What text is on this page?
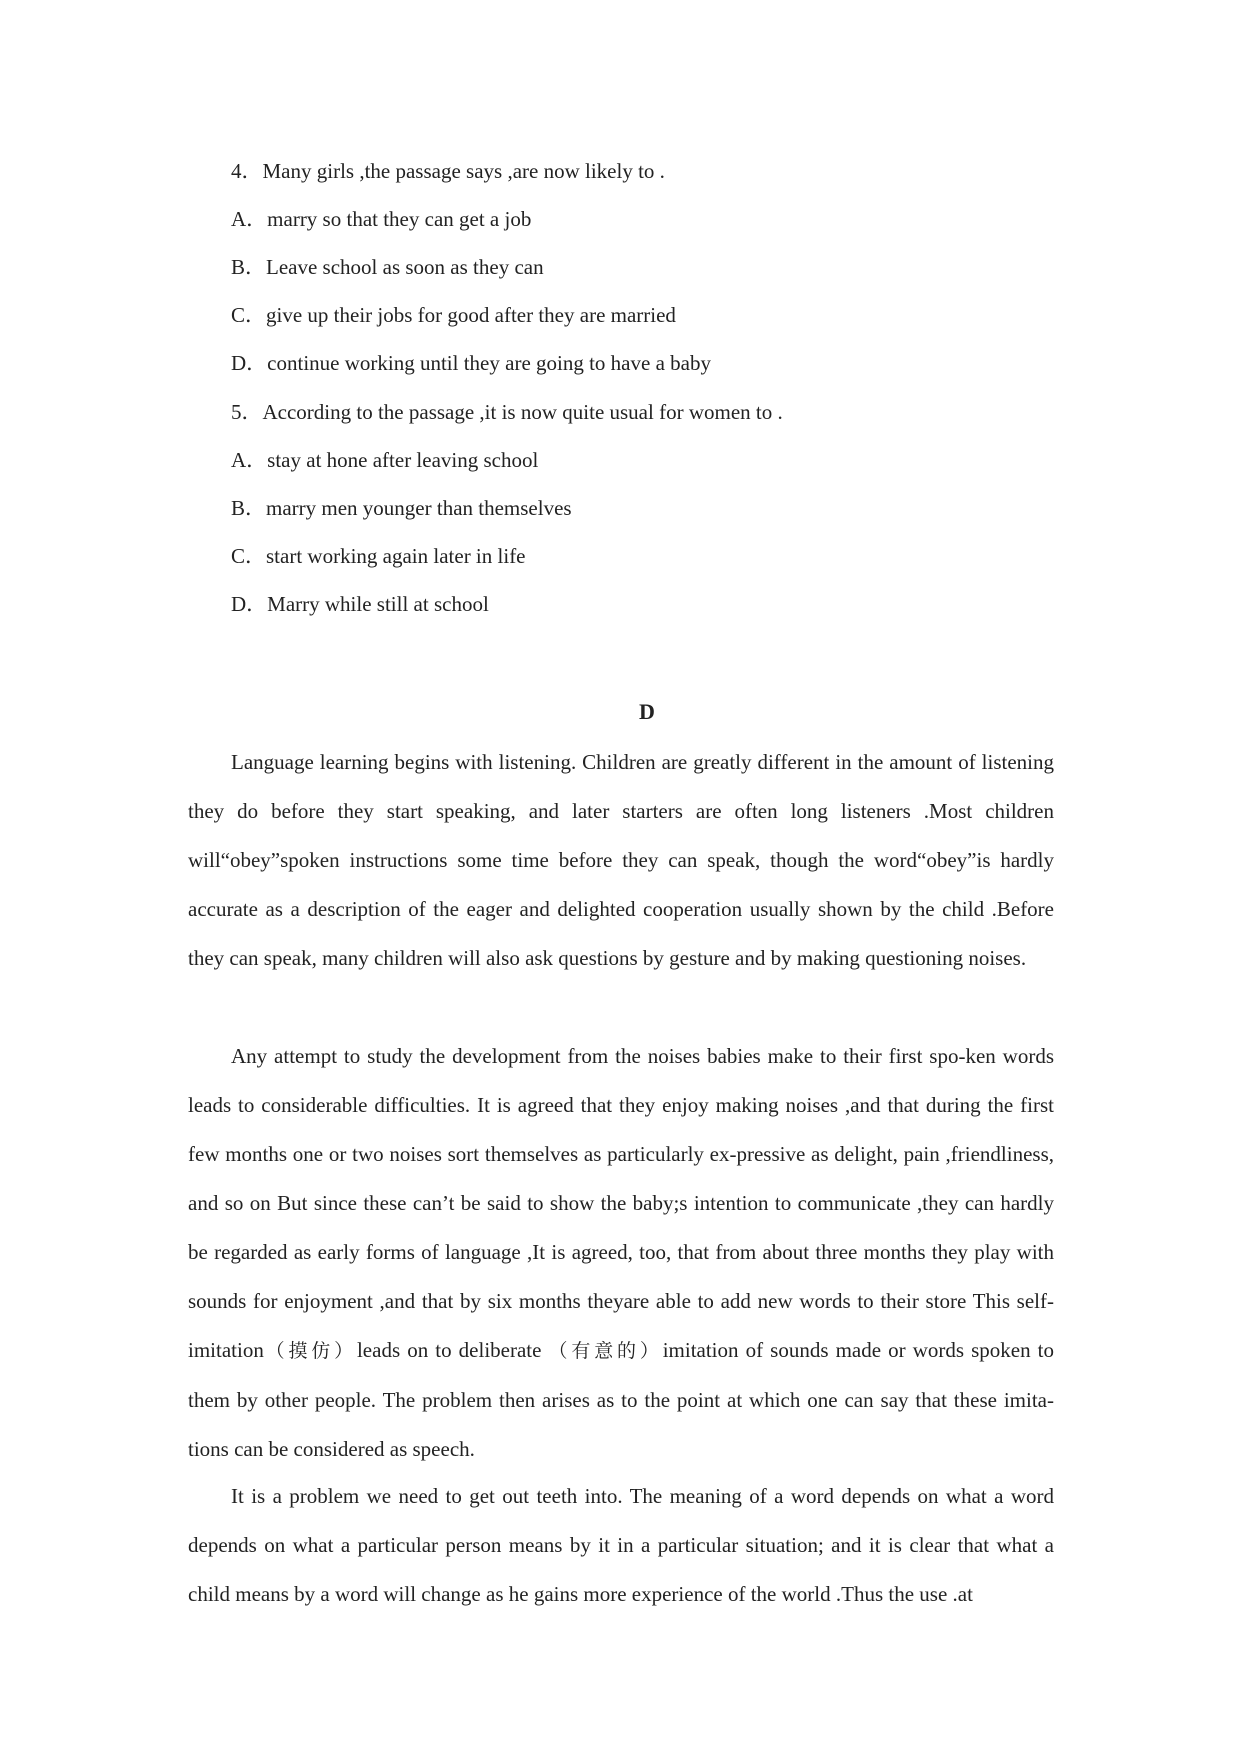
4．Many girls ,the passage says ,are now likely to .
A．marry so that they can get a job
B．Leave school as soon as they can
C．give up their jobs for good after they are married
D．continue working until they are going to have a baby
5．According to the passage ,it is now quite usual for women to .
A．stay at hone after leaving school
B．marry men younger than themselves
C．start working again later in life
D．Marry while still at school
D

Language learning begins with listening. Children are greatly different in the amount of listening they do before they start speaking, and later starters are often long listeners .Most children will“obey”spoken instructions some time before they can speak, though the word“obey”is hardly accurate as a description of the eager and delighted cooperation usually shown by the child .Before they can speak, many children will also ask questions by gesture and by making questioning noises.

Any attempt to study the development from the noises babies make to their first spo-ken words leads to considerable difficulties. It is agreed that they enjoy making noises ,and that during the first few months one or two noises sort themselves as particularly ex-pressive as delight, pain ,friendliness, and so on But since these can’t be said to show the baby;s intention to communicate ,they can hardly be regarded as early forms of language ,It is agreed, too, that from about three months they play with sounds for enjoyment ,and that by six months theyare able to add new words to their store This self-imitation（摸仿）leads on to deliberate （有意的）imitation of sounds made or words spoken to them by other people. The problem then arises as to the point at which one can say that these imita-tions can be considered as speech.

It is a problem we need to get out teeth into. The meaning of a word depends on what a word depends on what a particular person means by it in a particular situation; and it is clear that what a child means by a word will change as he gains more experience of the world .Thus the use .at
